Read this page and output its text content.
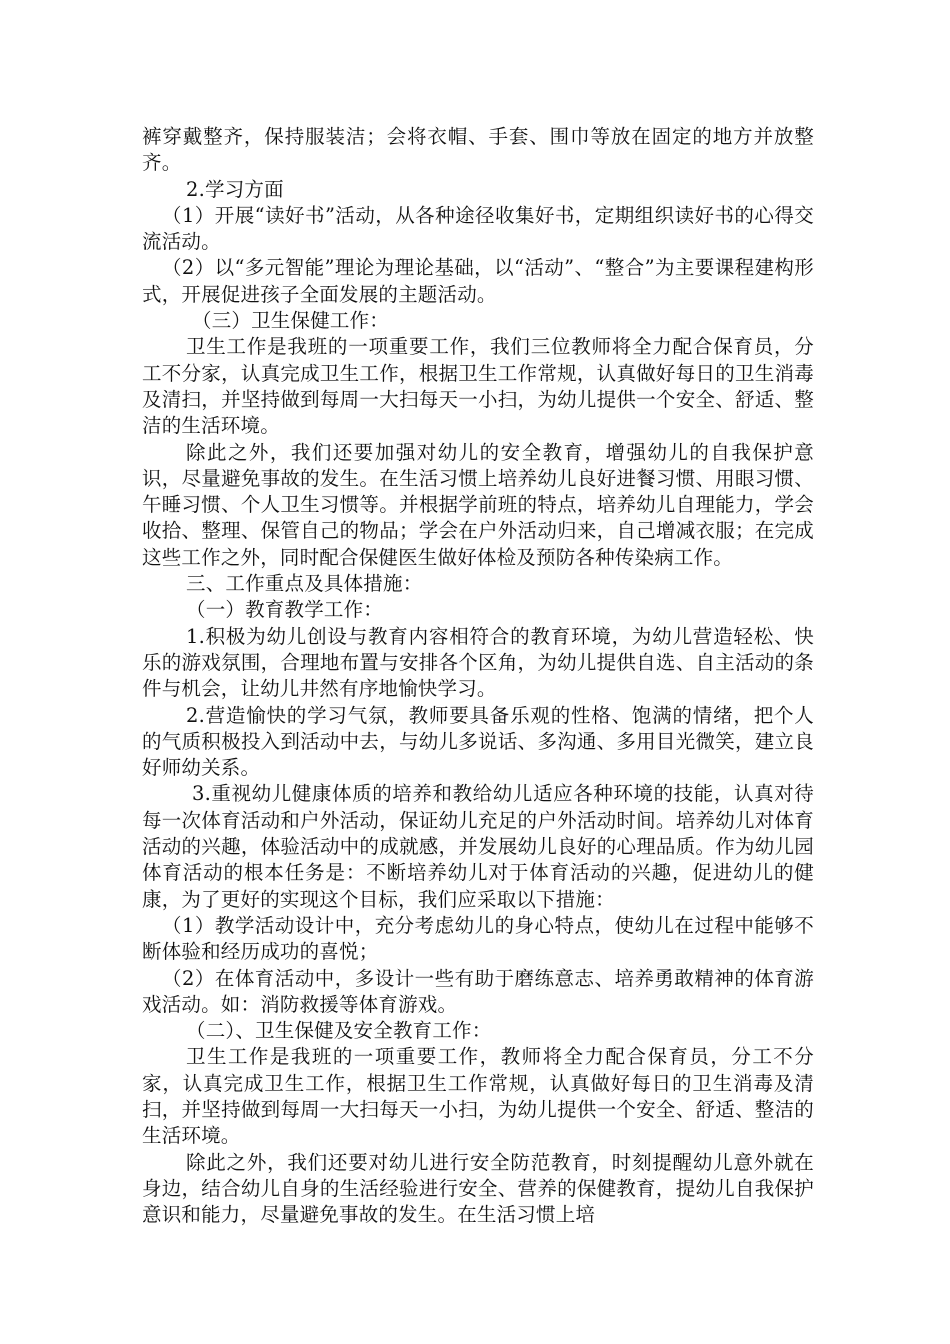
裤穿戴整齐，保持服装洁；会将衣帽、手套、围巾等放在固定的地方并放整齐。

2.学习方面

（1）开展“读好书”活动，从各种途径收集好书，定期组织读好书的心得交流活动。

（2）以“多元智能”理论为理论基础，以“活动”、“整合”为主要课程建构形式，开展促进孩子全面发展的主题活动。

（三）卫生保健工作：

卫生工作是我班的一项重要工作，我们三位教师将全力配合保育员，分工不分家，认真完成卫生工作，根据卫生工作常规，认真做好每日的卫生消毒及清扫，并坚持做到每周一大扫每天一小扫，为幼儿提供一个安全、舒适、整洁的生活环境。

除此之外，我们还要加强对幼儿的安全教育，增强幼儿的自我保护意识，尽量避免事故的发生。在生活习惯上培养幼儿良好进餐习惯、用眼习惯、午睡习惯、个人卫生习惯等。并根据学前班的特点，培养幼儿自理能力，学会收拾、整理、保管自己的物品；学会在户外活动归来，自己增减衣服；在完成这些工作之外，同时配合保健医生做好体检及预防各种传染病工作。

三、工作重点及具体措施：

（一）教育教学工作：

1.积极为幼儿创设与教育内容相符合的教育环境，为幼儿营造轻松、快乐的游戏氛围，合理地布置与安排各个区角，为幼儿提供自选、自主活动的条件与机会，让幼儿井然有序地愉快学习。

2.营造愉快的学习气氛，教师要具备乐观的性格、饱满的情绪，把个人的气质积极投入到活动中去，与幼儿多说话、多沟通、多用目光微笑，建立良好师幼关系。

3.重视幼儿健康体质的培养和教给幼儿适应各种环境的技能，认真对待每一次体育活动和户外活动，保证幼儿充足的户外活动时间。培养幼儿对体育活动的兴趣，体验活动中的成就感，并发展幼儿良好的心理品质。作为幼儿园体育活动的根本任务是：不断培养幼儿对于体育活动的兴趣，促进幼儿的健康，为了更好的实现这个目标，我们应采取以下措施：

（1）教学活动设计中，充分考虑幼儿的身心特点，使幼儿在过程中能够不断体验和经历成功的喜悦；

（2）在体育活动中，多设计一些有助于磨练意志、培养勇敢精神的体育游戏活动。如：消防救援等体育游戏。

（二）、卫生保健及安全教育工作：

卫生工作是我班的一项重要工作，教师将全力配合保育员，分工不分家，认真完成卫生工作，根据卫生工作常规，认真做好每日的卫生消毒及清扫，并坚持做到每周一大扫每天一小扫，为幼儿提供一个安全、舒适、整洁的生活环境。

除此之外，我们还要对幼儿进行安全防范教育，时刻提醒幼儿意外就在身边，结合幼儿自身的生活经验进行安全、营养的保健教育，提幼儿自我保护意识和能力，尽量避免事故的发生。在生活习惯上培
